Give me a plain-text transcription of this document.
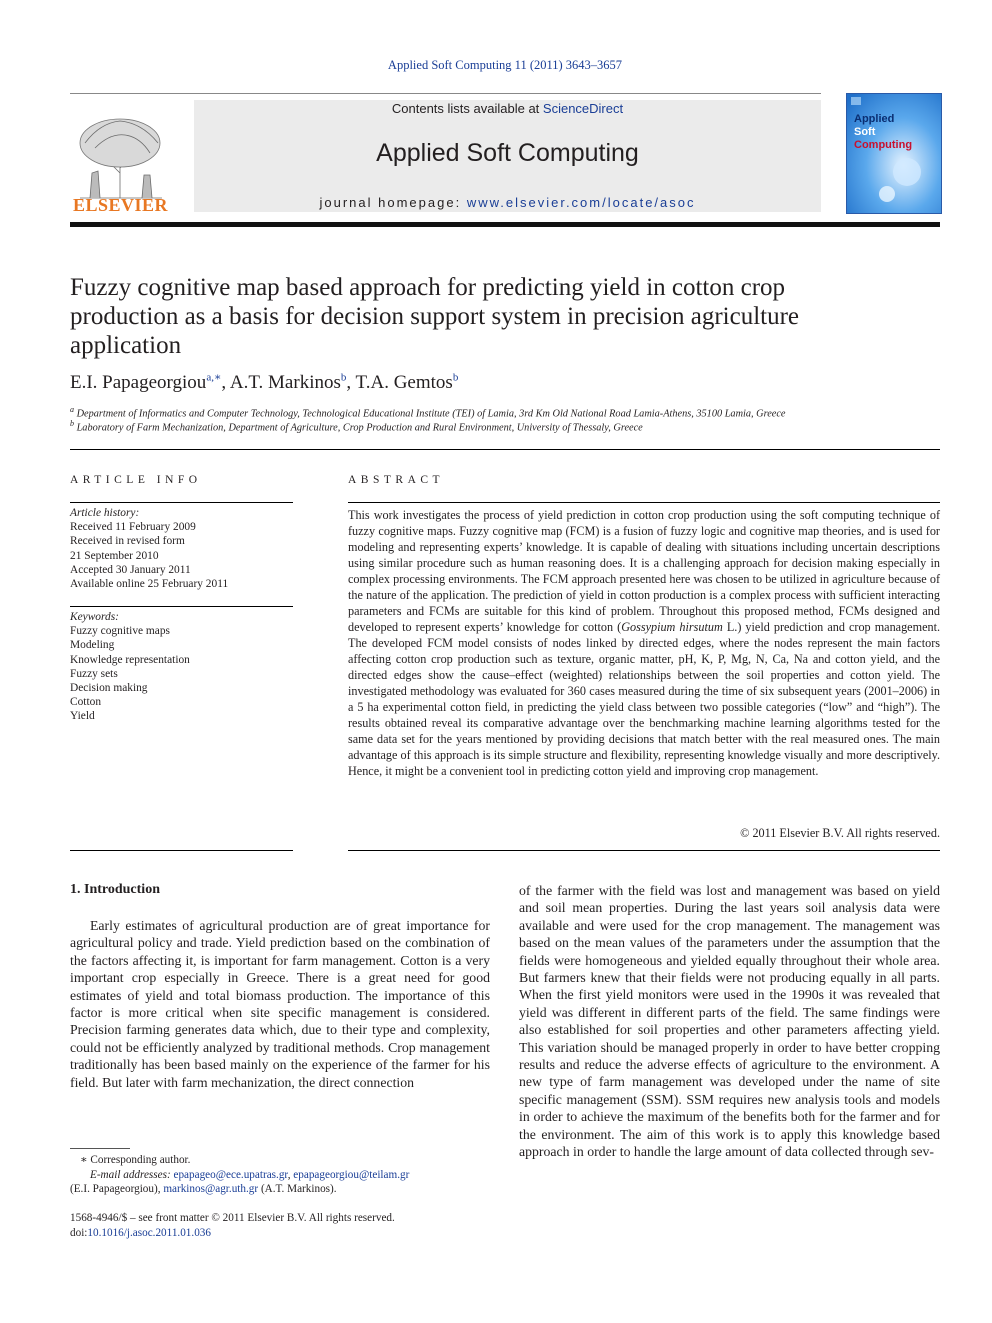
Applied Soft Computing 11 (2011) 3643–3657
ELSEVIER
Contents lists available at ScienceDirect
Applied Soft Computing
journal homepage: www.elsevier.com/locate/asoc
Applied
Soft
Computing
Fuzzy cognitive map based approach for predicting yield in cotton crop
production as a basis for decision support system in precision agriculture
application
E.I. Papageorgiou$^{a,∗}$, A.T. Markinos$^b$, T.A. Gemtos$^b$
$^a$ Department of Informatics and Computer Technology, Technological Educational Institute (TEI) of Lamia, 3rd Km Old National Road Lamia-Athens, 35100 Lamia, Greece
$^b$ Laboratory of Farm Mechanization, Department of Agriculture, Crop Production and Rural Environment, University of Thessaly, Greece
ARTICLE INFO
Article history:
Received 11 February 2009
Received in revised form
21 September 2010
Accepted 30 January 2011
Available online 25 February 2011
Keywords:
Fuzzy cognitive maps
Modeling
Knowledge representation
Fuzzy sets
Decision making
Cotton
Yield
ABSTRACT
This work investigates the process of yield prediction in cotton crop production using the soft computing technique of fuzzy cognitive maps. Fuzzy cognitive map (FCM) is a fusion of fuzzy logic and cognitive map theories, and is used for modeling and representing experts’ knowledge. It is capable of dealing with situations including uncertain descriptions using similar procedure such as human reasoning does. It is a challenging approach for decision making especially in complex processing environments. The FCM approach presented here was chosen to be utilized in agriculture because of the nature of the application. The prediction of yield in cotton production is a complex process with sufficient interacting parameters and FCMs are suitable for this kind of problem. Throughout this proposed method, FCMs designed and developed to represent experts’ knowledge for cotton (Gossypium hirsutum L.) yield prediction and crop management. The developed FCM model consists of nodes linked by directed edges, where the nodes represent the main factors affecting cotton crop production such as texture, organic matter, pH, K, P, Mg, N, Ca, Na and cotton yield, and the directed edges show the cause–effect (weighted) relationships between the soil properties and cotton yield. The investigated methodology was evaluated for 360 cases measured during the time of six subsequent years (2001–2006) in a 5 ha experimental cotton field, in predicting the yield class between two possible categories (“low” and “high”). The results obtained reveal its comparative advantage over the benchmarking machine learning algorithms tested for the same data set for the years mentioned by providing decisions that match better with the real measured ones. The main advantage of this approach is its simple structure and flexibility, representing knowledge visually and more descriptively. Hence, it might be a convenient tool in predicting cotton yield and improving crop management.
© 2011 Elsevier B.V. All rights reserved.
1. Introduction
Early estimates of agricultural production are of great importance for agricultural policy and trade. Yield prediction based on the combination of the factors affecting it, is important for farm management. Cotton is a very important crop especially in Greece. There is a great need for good estimates of yield and total biomass production. The importance of this factor is more critical when site specific management is considered. Precision farming generates data which, due to their type and complexity, could not be efficiently analyzed by traditional methods. Crop management traditionally has been based mainly on the experience of the farmer for his field. But later with farm mechanization, the direct connection
of the farmer with the field was lost and management was based on yield and soil mean properties. During the last years soil analysis data were available and were used for the crop management. The management was based on the mean values of the parameters under the assumption that the fields were homogeneous and yielded equally throughout their whole area. But farmers knew that their fields were not producing equally in all parts. When the first yield monitors were used in the 1990s it was revealed that yield was different in different parts of the field. The same findings were also established for soil properties and other parameters affecting yield. This variation should be managed properly in order to have better cropping results and reduce the adverse effects of agriculture to the environment. A new type of farm management was developed under the name of site specific management (SSM). SSM requires new analysis tools and models in order to achieve the maximum of the benefits both for the farmer and for the environment. The aim of this work is to apply this knowledge based approach in order to handle the large amount of data collected through sev-
∗ Corresponding author.
E-mail addresses: epapageo@ece.upatras.gr, epapageorgiou@teilam.gr
(E.I. Papageorgiou), markinos@agr.uth.gr (A.T. Markinos).
1568-4946/$ – see front matter © 2011 Elsevier B.V. All rights reserved.
doi:10.1016/j.asoc.2011.01.036
